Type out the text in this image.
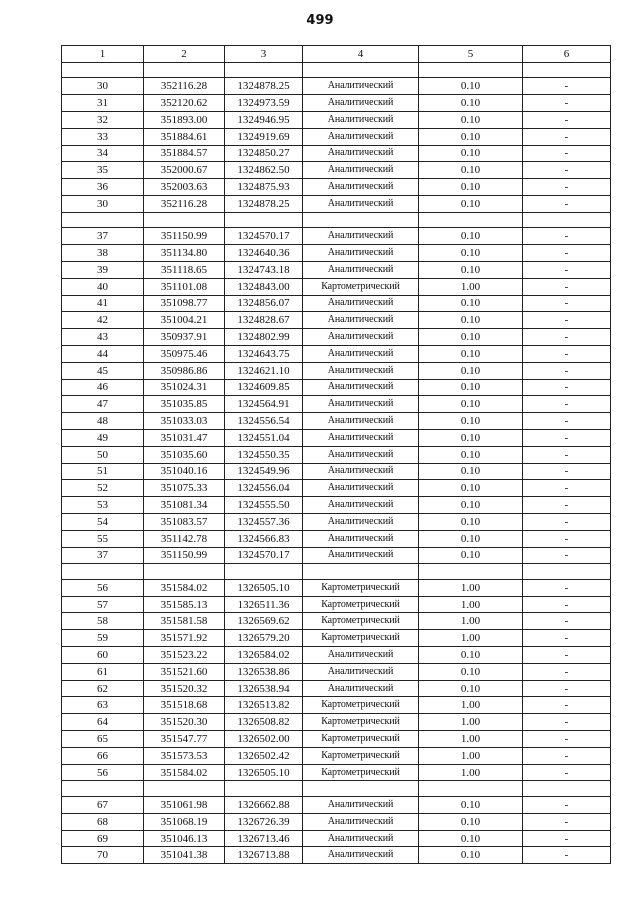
499
1	2	3	4	5	6

30	352116.28	1324878.25	Аналитический	0.10	-
31	352120.62	1324973.59	Аналитический	0.10	-
32	351893.00	1324946.95	Аналитический	0.10	-
33	351884.61	1324919.69	Аналитический	0.10	-
34	351884.57	1324850.27	Аналитический	0.10	-
35	352000.67	1324862.50	Аналитический	0.10	-
36	352003.63	1324875.93	Аналитический	0.10	-
30	352116.28	1324878.25	Аналитический	0.10	-

37	351150.99	1324570.17	Аналитический	0.10	-
38	351134.80	1324640.36	Аналитический	0.10	-
39	351118.65	1324743.18	Аналитический	0.10	-
40	351101.08	1324843.00	Картометрический	1.00	-
41	351098.77	1324856.07	Аналитический	0.10	-
42	351004.21	1324828.67	Аналитический	0.10	-
43	350937.91	1324802.99	Аналитический	0.10	-
44	350975.46	1324643.75	Аналитический	0.10	-
45	350986.86	1324621.10	Аналитический	0.10	-
46	351024.31	1324609.85	Аналитический	0.10	-
47	351035.85	1324564.91	Аналитический	0.10	-
48	351033.03	1324556.54	Аналитический	0.10	-
49	351031.47	1324551.04	Аналитический	0.10	-
50	351035.60	1324550.35	Аналитический	0.10	-
51	351040.16	1324549.96	Аналитический	0.10	-
52	351075.33	1324556.04	Аналитический	0.10	-
53	351081.34	1324555.50	Аналитический	0.10	-
54	351083.57	1324557.36	Аналитический	0.10	-
55	351142.78	1324566.83	Аналитический	0.10	-
37	351150.99	1324570.17	Аналитический	0.10	-

56	351584.02	1326505.10	Картометрический	1.00	-
57	351585.13	1326511.36	Картометрический	1.00	-
58	351581.58	1326569.62	Картометрический	1.00	-
59	351571.92	1326579.20	Картометрический	1.00	-
60	351523.22	1326584.02	Аналитический	0.10	-
61	351521.60	1326538.86	Аналитический	0.10	-
62	351520.32	1326538.94	Аналитический	0.10	-
63	351518.68	1326513.82	Картометрический	1.00	-
64	351520.30	1326508.82	Картометрический	1.00	-
65	351547.77	1326502.00	Картометрический	1.00	-
66	351573.53	1326502.42	Картометрический	1.00	-
56	351584.02	1326505.10	Картометрический	1.00	-

67	351061.98	1326662.88	Аналитический	0.10	-
68	351068.19	1326726.39	Аналитический	0.10	-
69	351046.13	1326713.46	Аналитический	0.10	-
70	351041.38	1326713.88	Аналитический	0.10	-
